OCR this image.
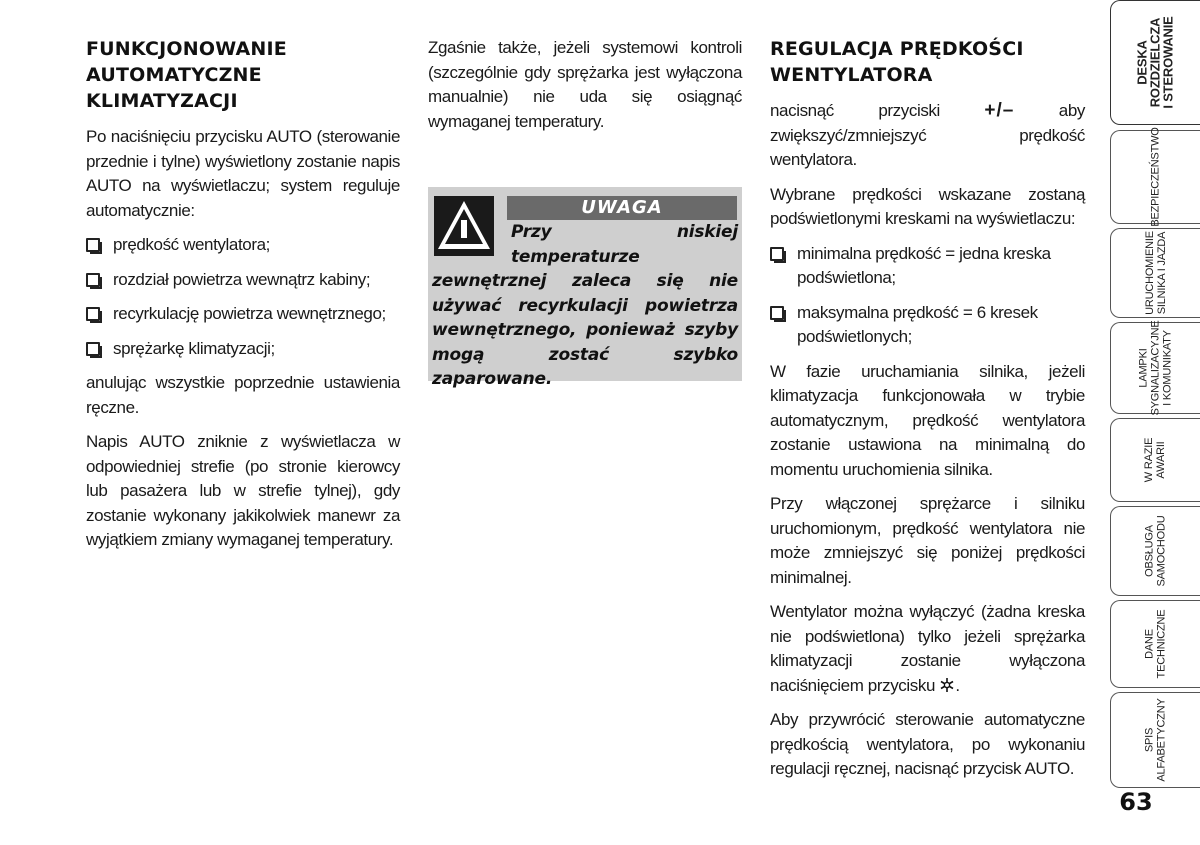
FUNKCJONOWANIE
AUTOMATYCZNE
KLIMATYZACJI

Po naciśnięciu przycisku AUTO (sterowanie przednie i tylne) wyświetlony zostanie napis AUTO na wyświetlaczu; system reguluje automatycznie:

prędkość wentylatora;

rozdział powietrza wewnątrz kabiny;

recyrkulację powietrza wewnętrznego;

sprężarkę klimatyzacji;

anulując wszystkie poprzednie ustawienia ręczne.

Napis AUTO zniknie z wyświetlacza w odpowiedniej strefie (po stronie kierowcy lub pasażera lub w strefie tylnej), gdy zostanie wykonany jakikolwiek manewr za wyjątkiem zmiany wymaganej temperatury.

Zgaśnie także, jeżeli systemowi kontroli (szczególnie gdy sprężarka jest wyłączona manualnie) nie uda się osiągnąć wymaganej temperatury.

UWAGA
Przy niskiej temperaturze zewnętrznej zaleca się nie używać recyrkulacji powietrza wewnętrznego, ponieważ szyby mogą zostać szybko zaparowane.
REGULACJA PRĘDKOŚCI
WENTYLATORA

nacisnąć przyciski +/– aby zwiększyć/zmniejszyć prędkość wentylatora.

Wybrane prędkości wskazane zostaną podświetlonymi kreskami na wyświetlaczu:

minimalna prędkość = jedna kreska podświetlona;

maksymalna prędkość = 6 kresek podświetlonych;

W fazie uruchamiania silnika, jeżeli klimatyzacja funkcjonowała w trybie automatycznym, prędkość wentylatora zostanie ustawiona na minimalną do momentu uruchomienia silnika.

Przy włączonej sprężarce i silniku uruchomionym, prędkość wentylatora nie może zmniejszyć się poniżej prędkości minimalnej.

Wentylator można wyłączyć (żadna kreska nie podświetlona) tylko jeżeli sprężarka klimatyzacji zostanie wyłączona naciśnięciem przycisku .

Aby przywrócić sterowanie automatyczne prędkością wentylatora, po wykonaniu regulacji ręcznej, nacisnąć przycisk AUTO.

DESKA
ROZDZIELCZA
I STEROWANIE
BEZPIECZEŃSTWO
URUCHOMIENIE SILNIKA I JAZDA
LAMPKI SYGNALIZACYJNE I KOMUNIKATY
W RAZIE AWARII
OBSŁUGA SAMOCHODU
DANE TECHNICZNE
SPIS ALFABETYCZNY
63
